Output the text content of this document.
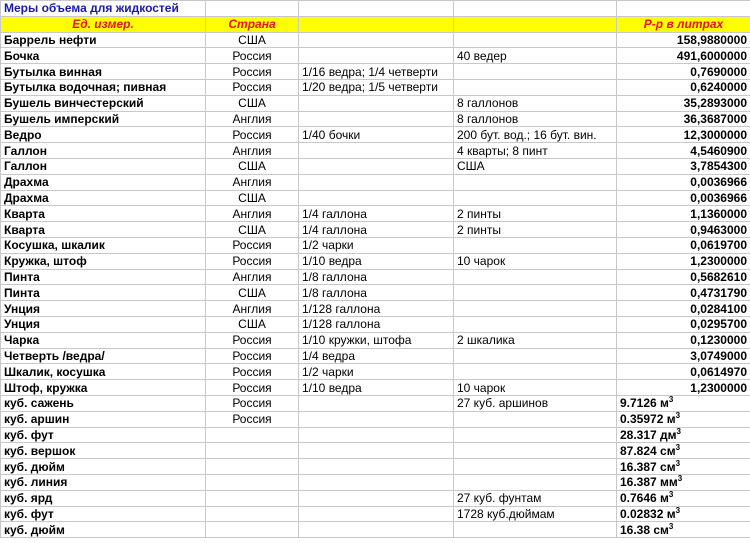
Меры объема для жидкостей				
Ед. измер.	Страна			Р-р в литрах
Баррель нефти	США			158,9880000
Бочка	Россия		40 ведер	491,6000000
Бутылка винная	Россия	1/16 ведра; 1/4 четверти		0,7690000
Бутылка водочная; пивная	Россия	1/20 ведра; 1/5 четверти		0,6240000
Бушель винчестерский	США		8 галлонов	35,2893000
Бушель имперский	Англия		8 галлонов	36,3687000
Ведро	Россия	1/40 бочки	200 бут. вод.; 16 бут. вин.	12,3000000
Галлон	Англия		4 кварты; 8 пинт	4,5460900
Галлон	США		США	3,7854300
Драхма	Англия			0,0036966
Драхма	США			0,0036966
Кварта	Англия	1/4 галлона	2 пинты	1,1360000
Кварта	США	1/4 галлона	2 пинты	0,9463000
Косушка, шкалик	Россия	1/2 чарки		0,0619700
Кружка, штоф	Россия	1/10 ведра	10 чарок	1,2300000
Пинта	Англия	1/8 галлона		0,5682610
Пинта	США	1/8 галлона		0,4731790
Унция	Англия	1/128 галлона		0,0284100
Унция	США	1/128 галлона		0,0295700
Чарка	Россия	1/10 кружки, штофа	2 шкалика	0,1230000
Четверть /ведра/	Россия	1/4 ведра		3,0749000
Шкалик, косушка	Россия	1/2 чарки		0,0614970
Штоф, кружка	Россия	1/10 ведра	10 чарок	1,2300000
куб. сажень	Россия		27 куб. аршинов	9.7126 $м^3$
куб. аршин	Россия			0.35972 $м^3$
куб. фут				28.317 $дм^3$
куб. вершок				87.824 $см^3$
куб. дюйм				16.387 $см^3$
куб. линия				16.387 $мм^3$
куб. ярд			27 куб. фунтам	0.7646 $м^3$
куб. фут			1728 куб.дюймам	0.02832 $м^3$
куб. дюйм				16.38 $см^3$
